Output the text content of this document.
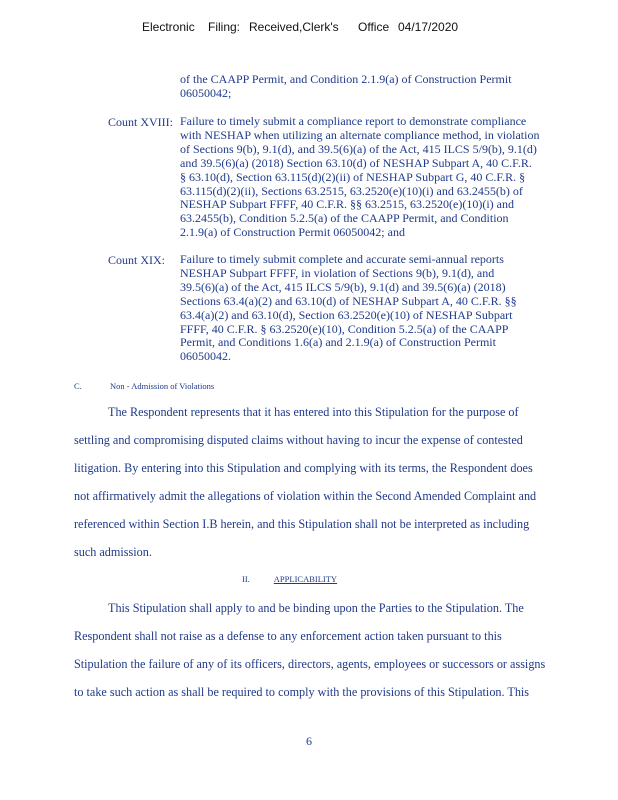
Electronic Filing: Received,Clerk's Office 04/17/2020
of the CAAPP Permit, and Condition 2.1.9(a) of Construction Permit
06050042;
Count XVIII: Failure to timely submit a compliance report to demonstrate compliance
with NESHAP when utilizing an alternate compliance method, in violation
of Sections 9(b), 9.1(d), and 39.5(6)(a) of the Act, 415 ILCS 5/9(b), 9.1(d)
and 39.5(6)(a) (2018) Section 63.10(d) of NESHAP Subpart A, 40 C.F.R.
§ 63.10(d), Section 63.115(d)(2)(ii) of NESHAP Subpart G, 40 C.F.R. §
63.115(d)(2)(ii), Sections 63.2515, 63.2520(e)(10)(i) and 63.2455(b) of
NESHAP Subpart FFFF, 40 C.F.R. §§ 63.2515, 63.2520(e)(10)(i) and
63.2455(b), Condition 5.2.5(a) of the CAAPP Permit, and Condition
2.1.9(a) of Construction Permit 06050042; and
Count XIX: Failure to timely submit complete and accurate semi-annual reports
NESHAP Subpart FFFF, in violation of Sections 9(b), 9.1(d), and
39.5(6)(a) of the Act, 415 ILCS 5/9(b), 9.1(d) and 39.5(6)(a) (2018)
Sections 63.4(a)(2) and 63.10(d) of NESHAP Subpart A, 40 C.F.R. §§
63.4(a)(2) and 63.10(d), Section 63.2520(e)(10) of NESHAP Subpart
FFFF, 40 C.F.R. § 63.2520(e)(10), Condition 5.2.5(a) of the CAAPP
Permit, and Conditions 1.6(a) and 2.1.9(a) of Construction Permit
06050042.
C.	Non - Admission of Violations
The Respondent represents that it has entered into this Stipulation for the purpose of
settling and compromising disputed claims without having to incur the expense of contested
litigation. By entering into this Stipulation and complying with its terms, the Respondent does
not affirmatively admit the allegations of violation within the Second Amended Complaint and
referenced within Section I.B herein, and this Stipulation shall not be interpreted as including
such admission.
II.	APPLICABILITY
This Stipulation shall apply to and be binding upon the Parties to the Stipulation. The
Respondent shall not raise as a defense to any enforcement action taken pursuant to this
Stipulation the failure of any of its officers, directors, agents, employees or successors or assigns
to take such action as shall be required to comply with the provisions of this Stipulation. This
6
